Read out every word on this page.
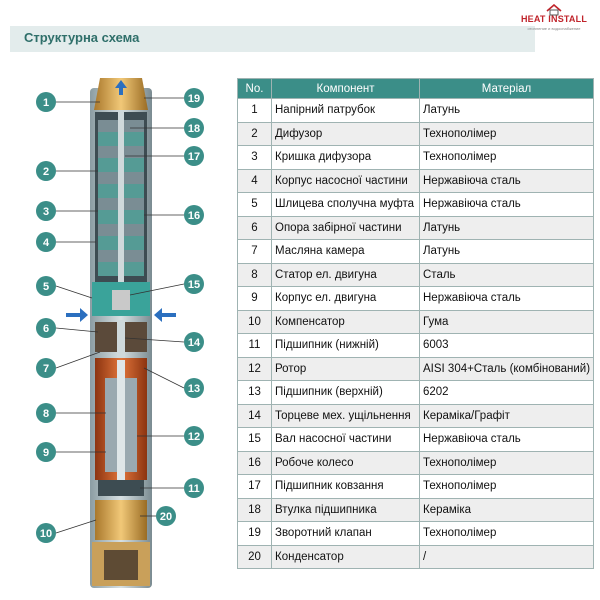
Структурна схема
HEAT INSTALL
отопление и водоснабжение
1
2
3
4
5
6
7
8
9
10
19
18
17
16
15
14
13
12
11
20
No.	Компонент	Матеріал
1	Напірний патрубок	Латунь
2	Дифузор	Технополімер
3	Кришка дифузора	Технополімер
4	Корпус насосної частини	Нержавіюча сталь
5	Шлицева сполучна муфта	Нержавіюча сталь
6	Опора забірної частини	Латунь
7	Масляна камера	Латунь
8	Статор ел. двигуна	Сталь
9	Корпус ел. двигуна	Нержавіюча сталь
10	Компенсатор	Гума
11	Підшипник (нижній)	6003
12	Ротор	AISI 304+Сталь (комбінований)
13	Підшипник (верхній)	6202
14	Торцеве мех. ущільнення	Кераміка/Графіт
15	Вал насосної частини	Нержавіюча сталь
16	Робоче колесо	Технополімер
17	Підшипник ковзання	Технополімер
18	Втулка підшипника	Кераміка
19	Зворотний клапан	Технополімер
20	Конденсатор	/
